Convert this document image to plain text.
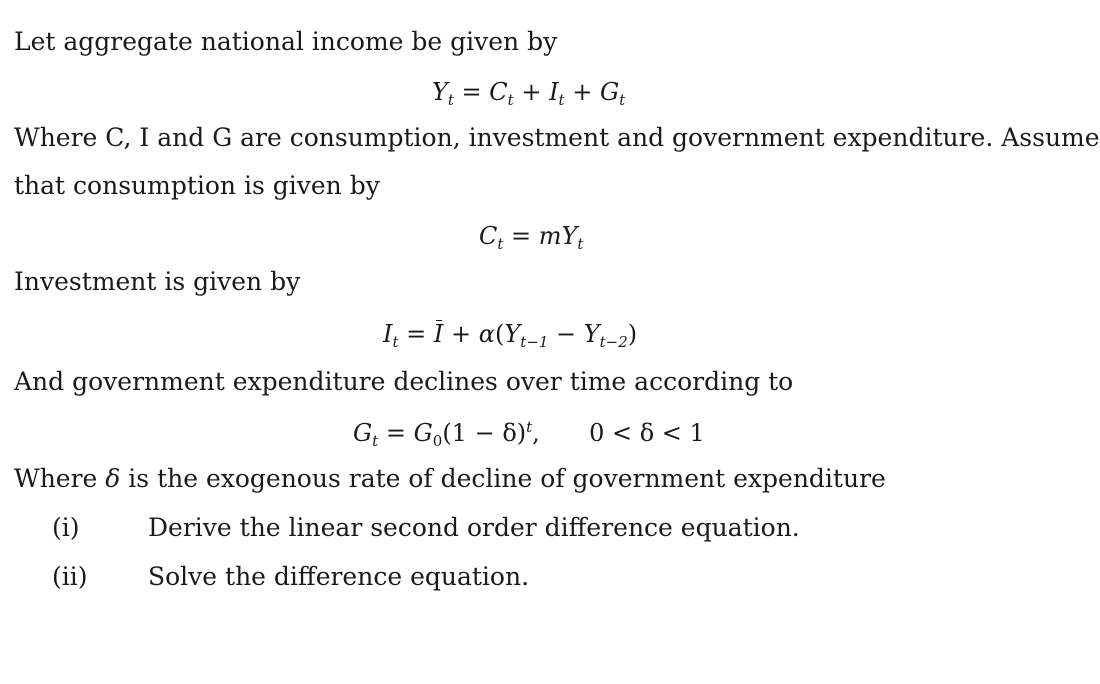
Let aggregate national income be given by
$Y_t = C_t + I_t + G_t$
Where C, I and G are consumption, investment and government expenditure. Assume
that consumption is given by
$C_t = mY_t$
Investment is given by
$I_t = I + \alpha(Y_{t-1} - Y_{t-2})$
And government expenditure declines over time according to
$G_t = G_0(1 - \delta)^t$, 0 < δ < 1
Where δ is the exogenous rate of decline of government expenditure
(i)	Derive the linear second order difference equation.
(ii) Solve the difference equation.
